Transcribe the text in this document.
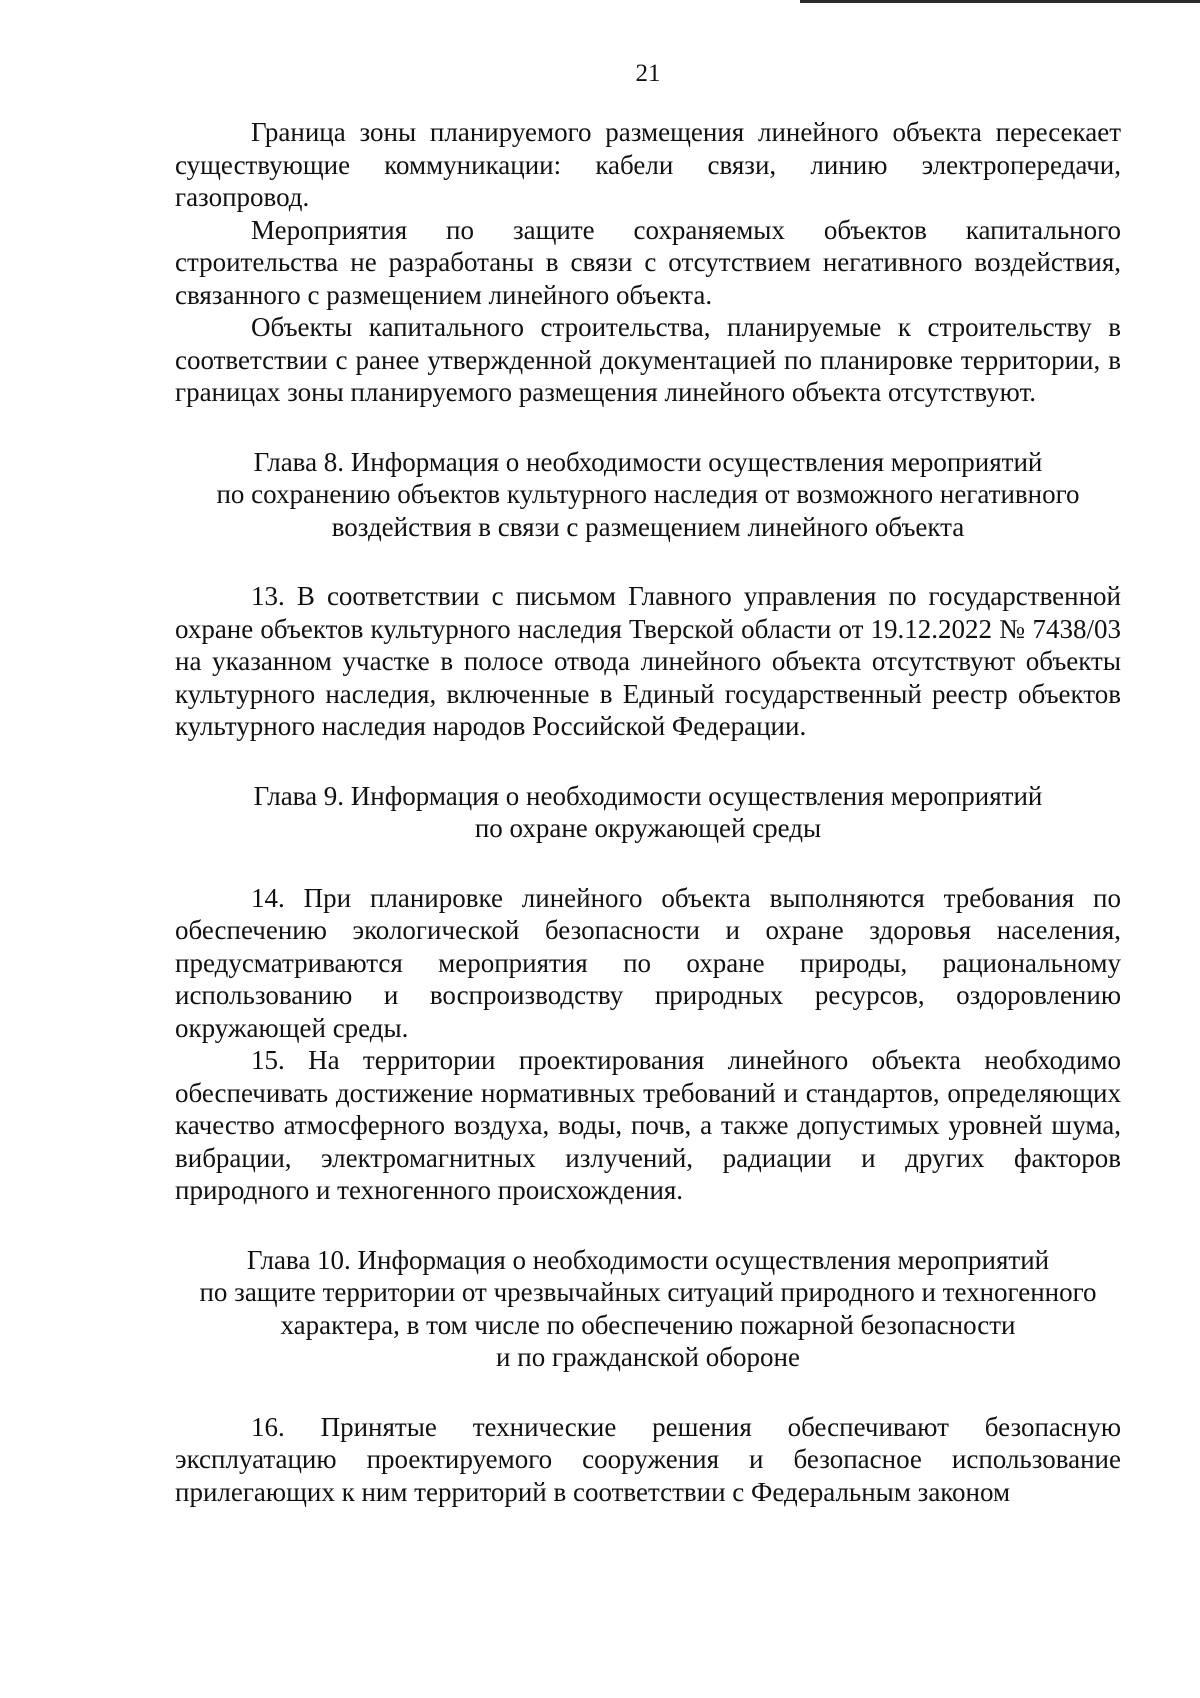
21

Граница зоны планируемого размещения линейного объекта пересекает существующие коммуникации: кабели связи, линию электропередачи, газопровод.

Мероприятия по защите сохраняемых объектов капитального строительства не разработаны в связи с отсутствием негативного воздействия, связанного с размещением линейного объекта.

Объекты капитального строительства, планируемые к строительству в соответствии с ранее утвержденной документацией по планировке территории, в границах зоны планируемого размещения линейного объекта отсутствуют.

Глава 8. Информация о необходимости осуществления мероприятий
по сохранению объектов культурного наследия от возможного негативного
воздействия в связи с размещением линейного объекта

13. В соответствии с письмом Главного управления по государственной охране объектов культурного наследия Тверской области от 19.12.2022 № 7438/03 на указанном участке в полосе отвода линейного объекта отсутствуют объекты культурного наследия, включенные в Единый государственный реестр объектов культурного наследия народов Российской Федерации.

Глава 9. Информация о необходимости осуществления мероприятий
по охране окружающей среды

14. При планировке линейного объекта выполняются требования по обеспечению экологической безопасности и охране здоровья населения, предусматриваются мероприятия по охране природы, рациональному использованию и воспроизводству природных ресурсов, оздоровлению окружающей среды.

15. На территории проектирования линейного объекта необходимо обеспечивать достижение нормативных требований и стандартов, определяющих качество атмосферного воздуха, воды, почв, а также допустимых уровней шума, вибрации, электромагнитных излучений, радиации и других факторов природного и техногенного происхождения.

Глава 10. Информация о необходимости осуществления мероприятий
по защите территории от чрезвычайных ситуаций природного и техногенного
характера, в том числе по обеспечению пожарной безопасности
и по гражданской обороне

16. Принятые технические решения обеспечивают безопасную эксплуатацию проектируемого сооружения и безопасное использование прилегающих к ним территорий в соответствии с Федеральным законом
